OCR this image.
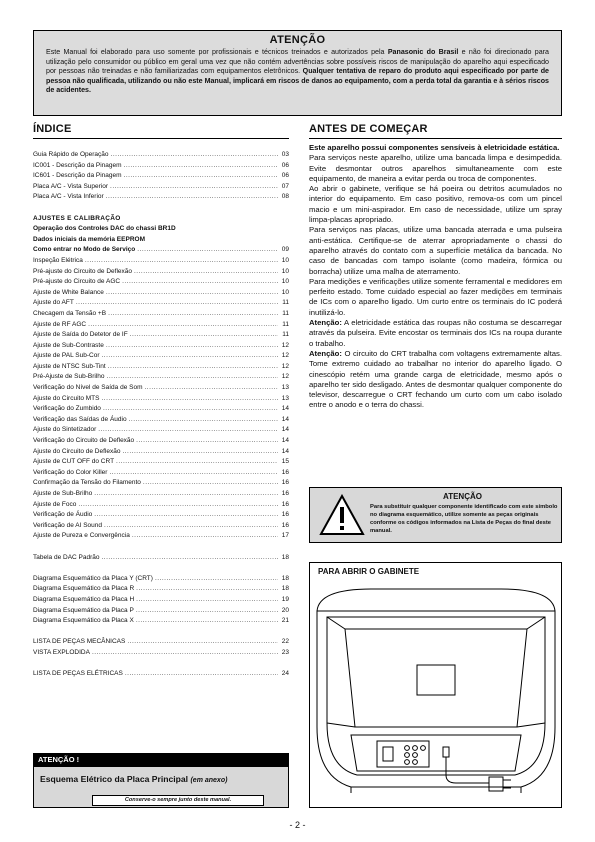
ATENÇÃO
Este Manual foi elaborado para uso somente por profissionais e técnicos treinados e autorizados pela Panasonic do Brasil e não foi direcionado para utilização pelo consumidor ou público em geral uma vez que não contém advertências sobre possíveis riscos de manipulação do aparelho aqui especificado por pessoas não treinadas e não familiarizadas com equipamentos eletrônicos. Qualquer tentativa de reparo do produto aqui especificado por parte de pessoa não qualificada, utilizando ou não este Manual, implicará em riscos de danos ao equipamento, com a perda total da garantia e à sérios riscos de acidentes.
ÍNDICE
Guia Rápido de Operação .....	03
IC001 - Descrição da Pinagem .....	06
IC601 - Descrição da Pinagem .....	06
Placa A/C - Vista Superior .....	07
Placa A/C - Vista Inferior .....	08
AJUSTES E CALIBRAÇÃO
Operação dos Controles DAC do chassi BR1D
Dados iniciais da memória EEPROM
Como entrar no Modo de Serviço .....	09
Inspeção Elétrica .....	10
Pré-ajuste do Circuito de Deflexão .....	10
Pré-ajuste do Circuito de AGC .....	10
Ajuste de White Balance .....	10
Ajuste do AFT .....	11
Checagem da Tensão +B .....	11
Ajuste de RF AGC .....	11
Ajuste de Saída do Detetor de IF .....	11
Ajuste de Sub-Contraste .....	12
Ajuste de PAL Sub-Cor .....	12
Ajuste de NTSC Sub-Tint .....	12
Pré-Ajuste de Sub-Brilho .....	12
Verificação do Nível de Saída de Som .....	13
Ajuste do Circuito MTS .....	13
Verificação do Zumbido .....	14
Verificação das Saídas de Áudio .....	14
Ajuste do Sintetizador .....	14
Verificação do Circuito de Deflexão .....	14
Ajuste do Circuito de Deflexão .....	14
Ajuste de CUT OFF do CRT .....	15
Verificação do Color Killer .....	16
Confirmação da Tensão do Filamento .....	16
Ajuste de Sub-Brilho .....	16
Ajuste de Foco .....	16
Verificação de Áudio .....	16
Verificação de AI Sound .....	16
Ajuste de Pureza e Convergência .....	17
Tabela de DAC Padrão .....	18
Diagrama Esquemático da Placa Y (CRT) .....	18
Diagrama Esquemático da Placa R .....	18
Diagrama Esquemático da Placa H .....	19
Diagrama Esquemático da Placa P .....	20
Diagrama Esquemático da Placa X .....	21
LISTA DE PEÇAS MECÂNICAS .....	22
VISTA EXPLODIDA .....	23
LISTA DE PEÇAS ELÉTRICAS .....	24
ATENÇÃO !
Esquema Elétrico da Placa Principal (em anexo)
Conserve-o sempre junto deste manual.
ANTES DE COMEÇAR

Este aparelho possui componentes sensíveis à eletricidade estática.

Para serviços neste aparelho, utilize uma bancada limpa e desimpedida. Evite desmontar outros aparelhos simultaneamente com este equipamento, de maneira a evitar perda ou troca de componentes.

Ao abrir o gabinete, verifique se há poeira ou detritos acumulados no interior do equipamento. Em caso positivo, remova-os com um pincel macio e um mini-aspirador. Em caso de necessidade, utilize um spray limpa-placas apropriado.

Para serviços nas placas, utilize uma bancada aterrada e uma pulseira anti-estática. Certifique-se de aterrar apropriadamente o chassi do aparelho através do contato com a superfície metálica da bancada. No caso de bancadas com tampo isolante (como madeira, fórmica ou borracha) utilize uma malha de aterramento.

Para medições e verificações utilize somente ferramental e medidores em perfeito estado. Tome cuidado especial ao fazer medições em terminais de ICs com o aparelho ligado. Um curto entre os terminais do IC poderá inutilizá-lo.

Atenção: A eletricidade estática das roupas não costuma se descarregar através da pulseira. Evite encostar os terminais dos ICs na roupa durante o trabalho.

Atenção: O circuito do CRT trabalha com voltagens extremamente altas. Tome extremo cuidado ao trabalhar no interior do aparelho ligado. O cinescópio retém uma grande carga de eletricidade, mesmo após o aparelho ter sido desligado. Antes de desmontar qualquer componente do televisor, descarregue o CRT fechando um curto com um cabo isolado entre o anodo e o terra do chassi.

ATENÇÃO
Para substituir qualquer componente identificado com este símbolo no diagrama esquemático, utilize somente as peças originais conforme os códigos informados na Lista de Peças do final deste manual.
PARA ABRIR O GABINETE
- 2 -
